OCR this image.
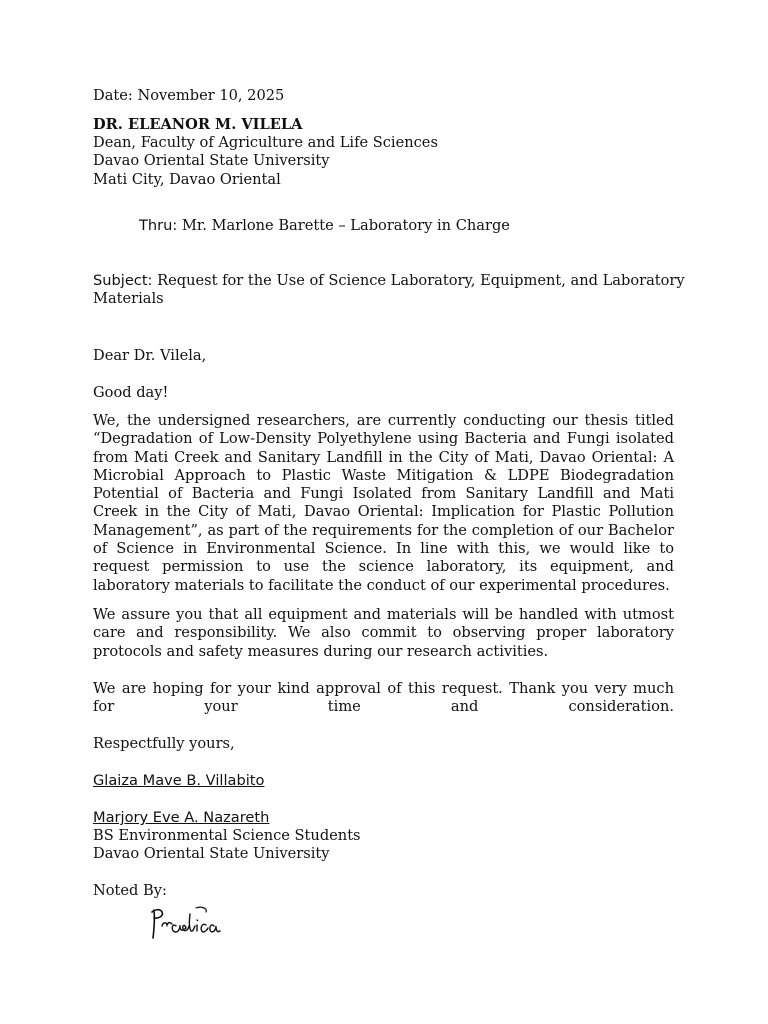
Date: November 10, 2025
DR. ELEANOR M. VILELA
Dean, Faculty of Agriculture and Life Sciences
Davao Oriental State University
Mati City, Davao Oriental
Thru: Mr. Marlone Barette – Laboratory in Charge
Subject: Request for the Use of Science Laboratory, Equipment, and Laboratory
Materials
Dear Dr. Vilela,
Good day!
We, the undersigned researchers, are currently conducting our thesis titled “Degradation of Low-Density Polyethylene using Bacteria and Fungi isolated from Mati Creek and Sanitary Landfill in the City of Mati, Davao Oriental: A Microbial Approach to Plastic Waste Mitigation & LDPE Biodegradation Potential of Bacteria and Fungi Isolated from Sanitary Landfill and Mati Creek in the City of Mati, Davao Oriental: Implication for Plastic Pollution Management”, as part of the requirements for the completion of our Bachelor of Science in Environmental Science. In line with this, we would like to request permission to use the science laboratory, its equipment, and laboratory materials to facilitate the conduct of our experimental procedures.
We assure you that all equipment and materials will be handled with utmost care and responsibility. We also commit to observing proper laboratory protocols and safety measures during our research activities.
We are hoping for your kind approval of this request. Thank you very much for your time and consideration.
Respectfully yours,
Glaiza Mave B. Villabito
Marjory Eve A. Nazareth
BS Environmental Science Students
Davao Oriental State University
Noted By:
